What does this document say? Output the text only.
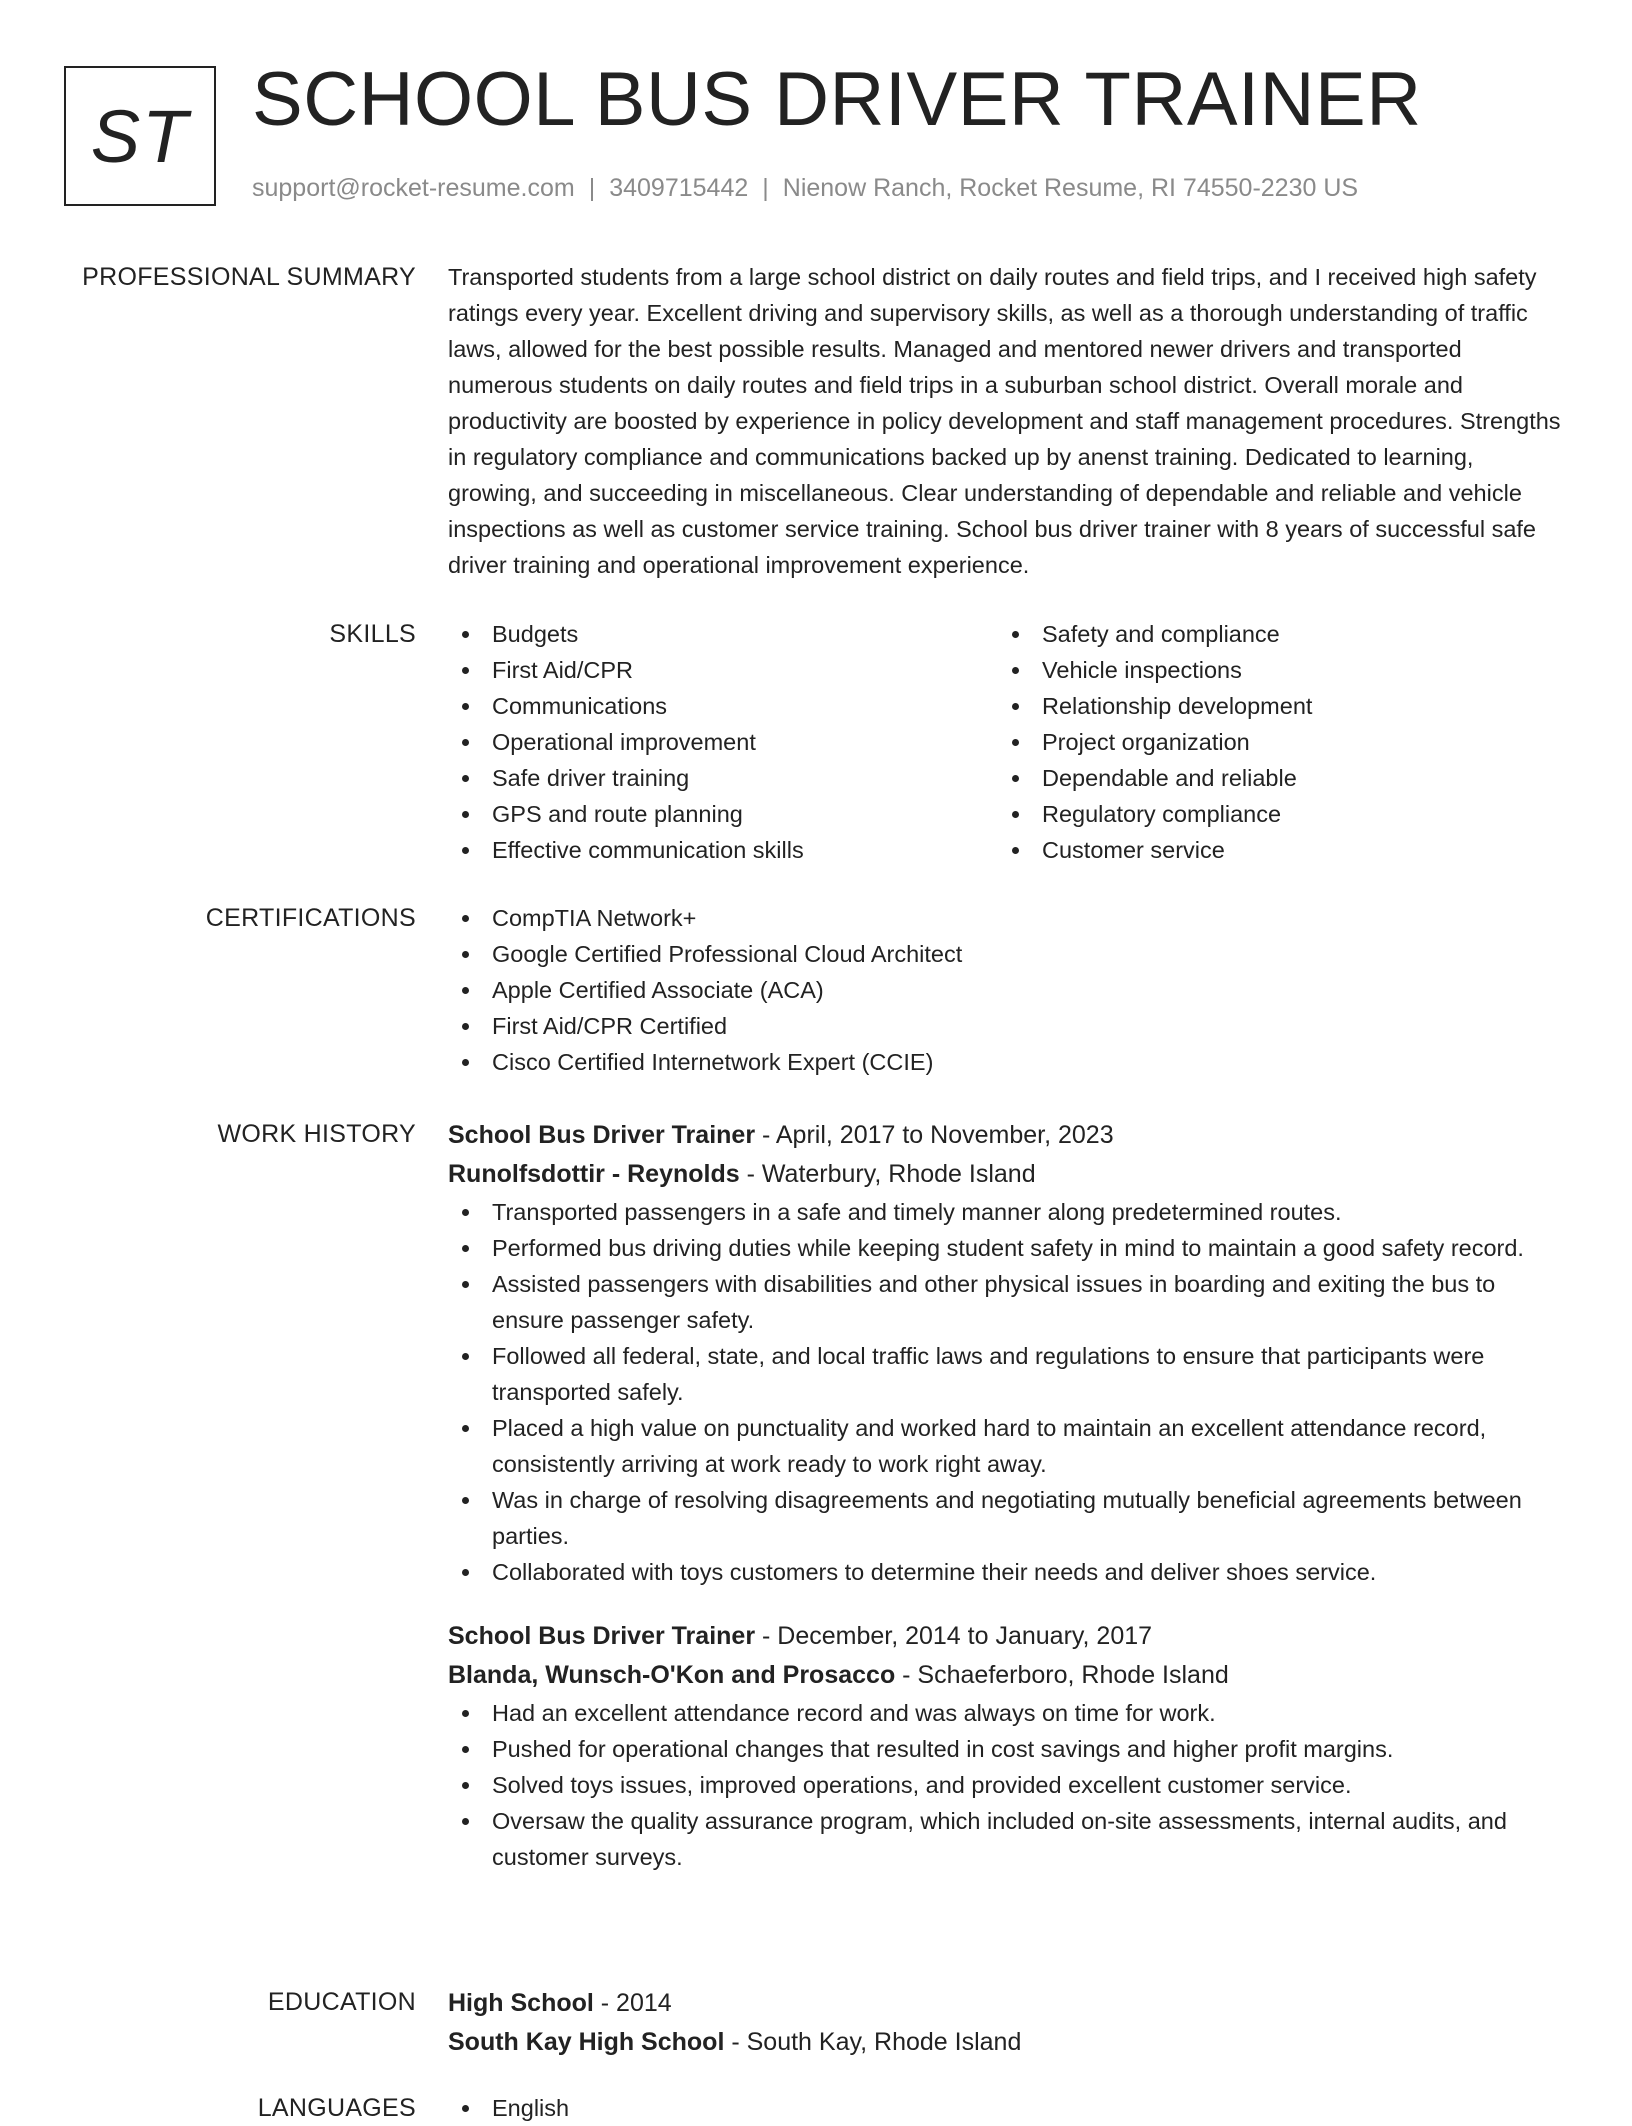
ST SCHOOL BUS DRIVER TRAINER
support@rocket-resume.com | 3409715442 | Nienow Ranch, Rocket Resume, RI 74550-2230 US
PROFESSIONAL SUMMARY Transported students from a large school district on daily routes and field trips, and I received high safety ratings every year. Excellent driving and supervisory skills, as well as a thorough understanding of traffic laws, allowed for the best possible results. Managed and mentored newer drivers and transported numerous students on daily routes and field trips in a suburban school district. Overall morale and productivity are boosted by experience in policy development and staff management procedures. Strengths in regulatory compliance and communications backed up by anenst training. Dedicated to learning, growing, and succeeding in miscellaneous. Clear understanding of dependable and reliable and vehicle inspections as well as customer service training. School bus driver trainer with 8 years of successful safe driver training and operational improvement experience.

SKILLS	Budgets
First Aid/CPR
Communications
Operational improvement
Safe driver training
GPS and route planning
Effective communication skills
Safety and compliance
Vehicle inspections
Relationship development
Project organization
Dependable and reliable
Regulatory compliance
Customer service
CERTIFICATIONS	CompTIA Network+
Google Certified Professional Cloud Architect
Apple Certified Associate (ACA)
First Aid/CPR Certified
Cisco Certified Internetwork Expert (CCIE)
WORK HISTORY School Bus Driver Trainer - April, 2017 to November, 2023
Runolfsdottir - Reynolds - Waterbury, Rhode Island
Transported passengers in a safe and timely manner along predetermined routes.
Performed bus driving duties while keeping student safety in mind to maintain a good safety record.
Assisted passengers with disabilities and other physical issues in boarding and exiting the bus to ensure passenger safety.
Followed all federal, state, and local traffic laws and regulations to ensure that participants were transported safely.
Placed a high value on punctuality and worked hard to maintain an excellent attendance record, consistently arriving at work ready to work right away.
Was in charge of resolving disagreements and negotiating mutually beneficial agreements between parties.
Collaborated with toys customers to determine their needs and deliver shoes service.
School Bus Driver Trainer - December, 2014 to January, 2017
Blanda, Wunsch-O'Kon and Prosacco - Schaeferboro, Rhode Island
Had an excellent attendance record and was always on time for work.
Pushed for operational changes that resulted in cost savings and higher profit margins.
Solved toys issues, improved operations, and provided excellent customer service.
Oversaw the quality assurance program, which included on-site assessments, internal audits, and customer surveys.
EDUCATION High School - 2014
South Kay High School - South Kay, Rhode Island
LANGUAGES	English
